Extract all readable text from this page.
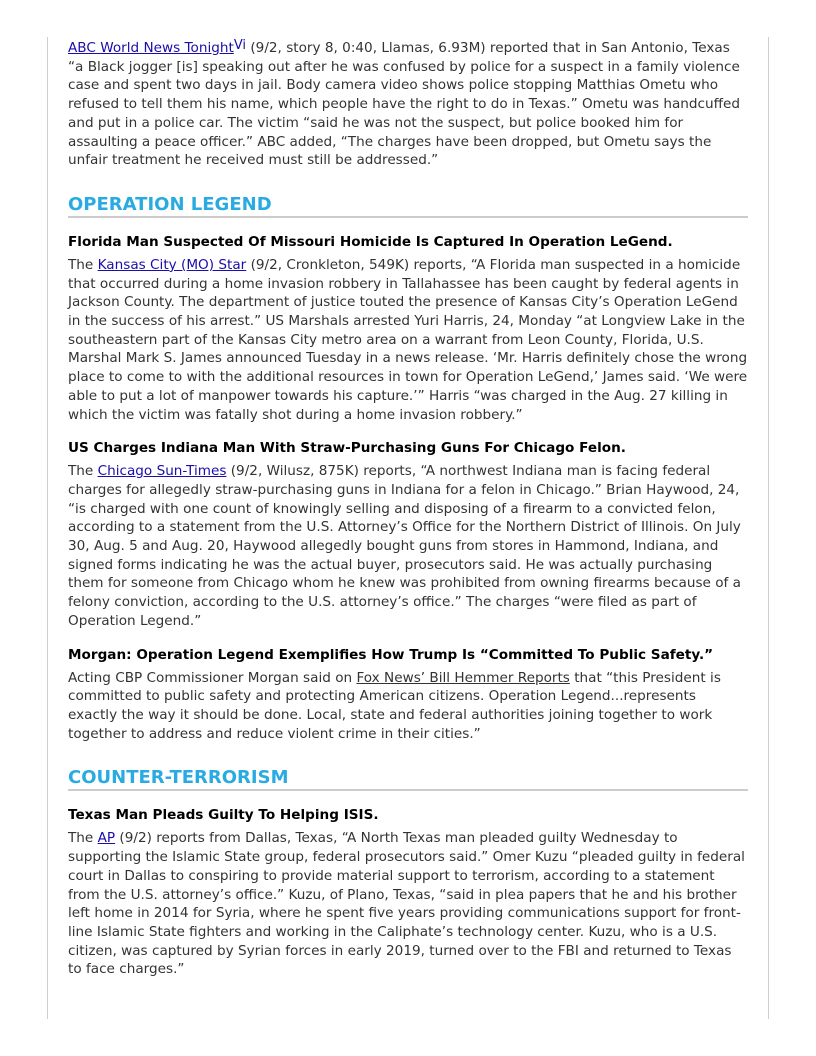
ABC World News Tonight$^{Vi}$ (9/2, story 8, 0:40, Llamas, 6.93M) reported that in San Antonio, Texas “a Black jogger [is] speaking out after he was confused by police for a suspect in a family violence case and spent two days in jail. Body camera video shows police stopping Matthias Ometu who refused to tell them his name, which people have the right to do in Texas.” Ometu was handcuffed and put in a police car. The victim “said he was not the suspect, but police booked him for assaulting a peace officer.” ABC added, “The charges have been dropped, but Ometu says the unfair treatment he received must still be addressed.”

OPERATION LEGEND
Florida Man Suspected Of Missouri Homicide Is Captured In Operation LeGend.

The Kansas City (MO) Star (9/2, Cronkleton, 549K) reports, “A Florida man suspected in a homicide that occurred during a home invasion robbery in Tallahassee has been caught by federal agents in Jackson County. The department of justice touted the presence of Kansas City’s Operation LeGend in the success of his arrest.” US Marshals arrested Yuri Harris, 24, Monday “at Longview Lake in the southeastern part of the Kansas City metro area on a warrant from Leon County, Florida, U.S. Marshal Mark S. James announced Tuesday in a news release. ‘Mr. Harris definitely chose the wrong place to come to with the additional resources in town for Operation LeGend,’ James said. ‘We were able to put a lot of manpower towards his capture.’” Harris “was charged in the Aug. 27 killing in which the victim was fatally shot during a home invasion robbery.”

US Charges Indiana Man With Straw-Purchasing Guns For Chicago Felon.

The Chicago Sun-Times (9/2, Wilusz, 875K) reports, “A northwest Indiana man is facing federal charges for allegedly straw-purchasing guns in Indiana for a felon in Chicago.” Brian Haywood, 24, “is charged with one count of knowingly selling and disposing of a firearm to a convicted felon, according to a statement from the U.S. Attorney’s Office for the Northern District of Illinois. On July 30, Aug. 5 and Aug. 20, Haywood allegedly bought guns from stores in Hammond, Indiana, and signed forms indicating he was the actual buyer, prosecutors said. He was actually purchasing them for someone from Chicago whom he knew was prohibited from owning firearms because of a felony conviction, according to the U.S. attorney’s office.” The charges “were filed as part of Operation Legend.”

Morgan: Operation Legend Exemplifies How Trump Is “Committed To Public Safety.”

Acting CBP Commissioner Morgan said on Fox News’ Bill Hemmer Reports that “this President is committed to public safety and protecting American citizens. Operation Legend...represents exactly the way it should be done. Local, state and federal authorities joining together to work together to address and reduce violent crime in their cities.”

COUNTER-TERRORISM
Texas Man Pleads Guilty To Helping ISIS.

The AP (9/2) reports from Dallas, Texas, “A North Texas man pleaded guilty Wednesday to supporting the Islamic State group, federal prosecutors said.” Omer Kuzu “pleaded guilty in federal court in Dallas to conspiring to provide material support to terrorism, according to a statement from the U.S. attorney’s office.” Kuzu, of Plano, Texas, “said in plea papers that he and his brother left home in 2014 for Syria, where he spent five years providing communications support for front-line Islamic State fighters and working in the Caliphate’s technology center. Kuzu, who is a U.S. citizen, was captured by Syrian forces in early 2019, turned over to the FBI and returned to Texas to face charges.”
